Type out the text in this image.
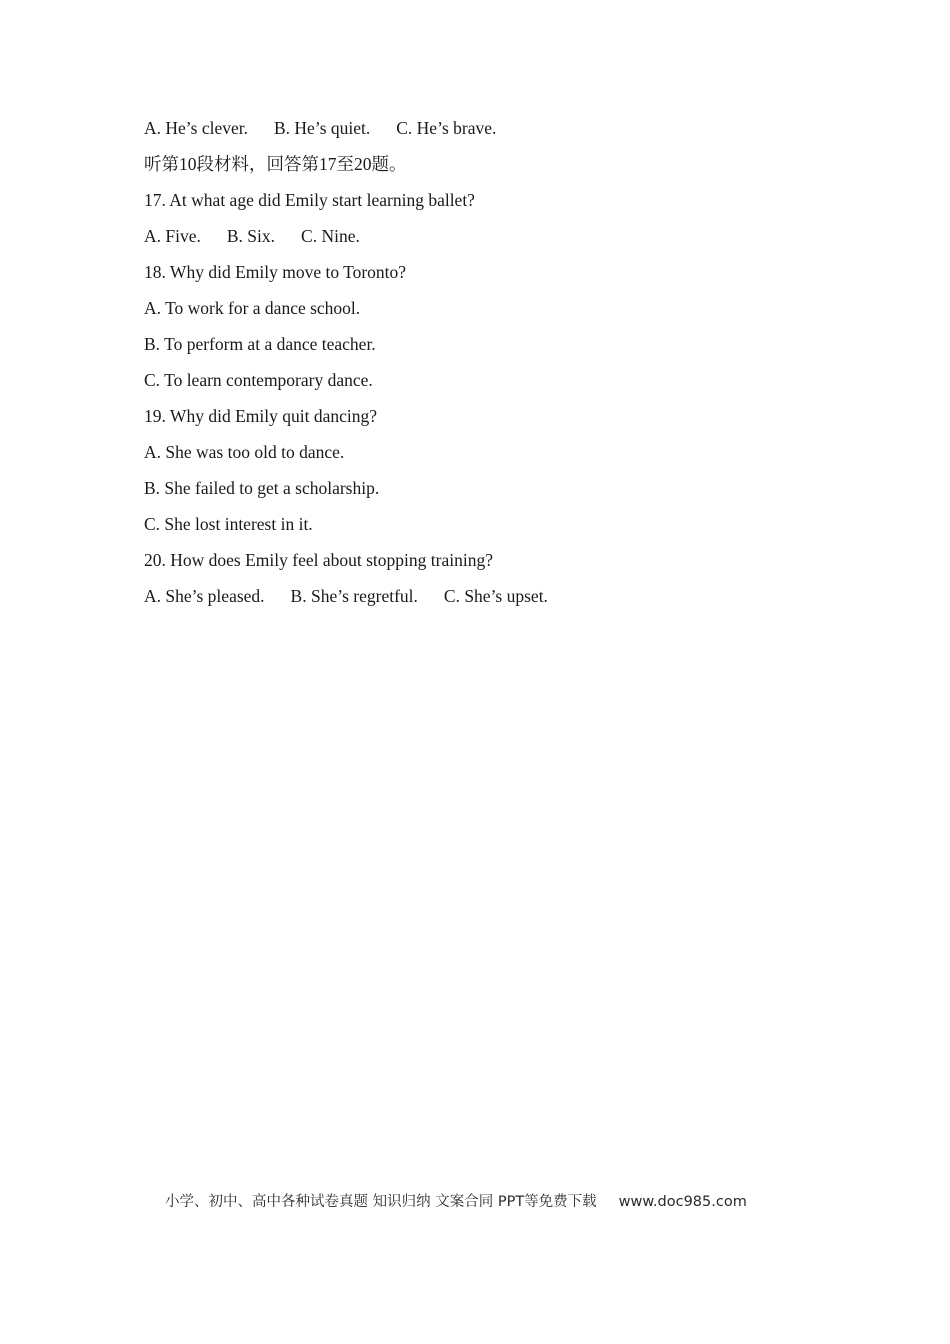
A. He’s clever. B. He’s quiet. C. He’s brave.
听第10段材料，回答第17至20题。
17. At what age did Emily start learning ballet?
A. Five. B. Six. C. Nine.
18. Why did Emily move to Toronto?
A. To work for a dance school.
B. To perform at a dance teacher.
C. To learn contemporary dance.
19. Why did Emily quit dancing?
A. She was too old to dance.
B. She failed to get a scholarship.
C. She lost interest in it.
20. How does Emily feel about stopping training?
A. She’s pleased. B. She’s regretful. C. She’s upset.
小学、初中、高中各种试卷真题 知识归纳 文案合同 PPT等免费下载 www.doc985.com
